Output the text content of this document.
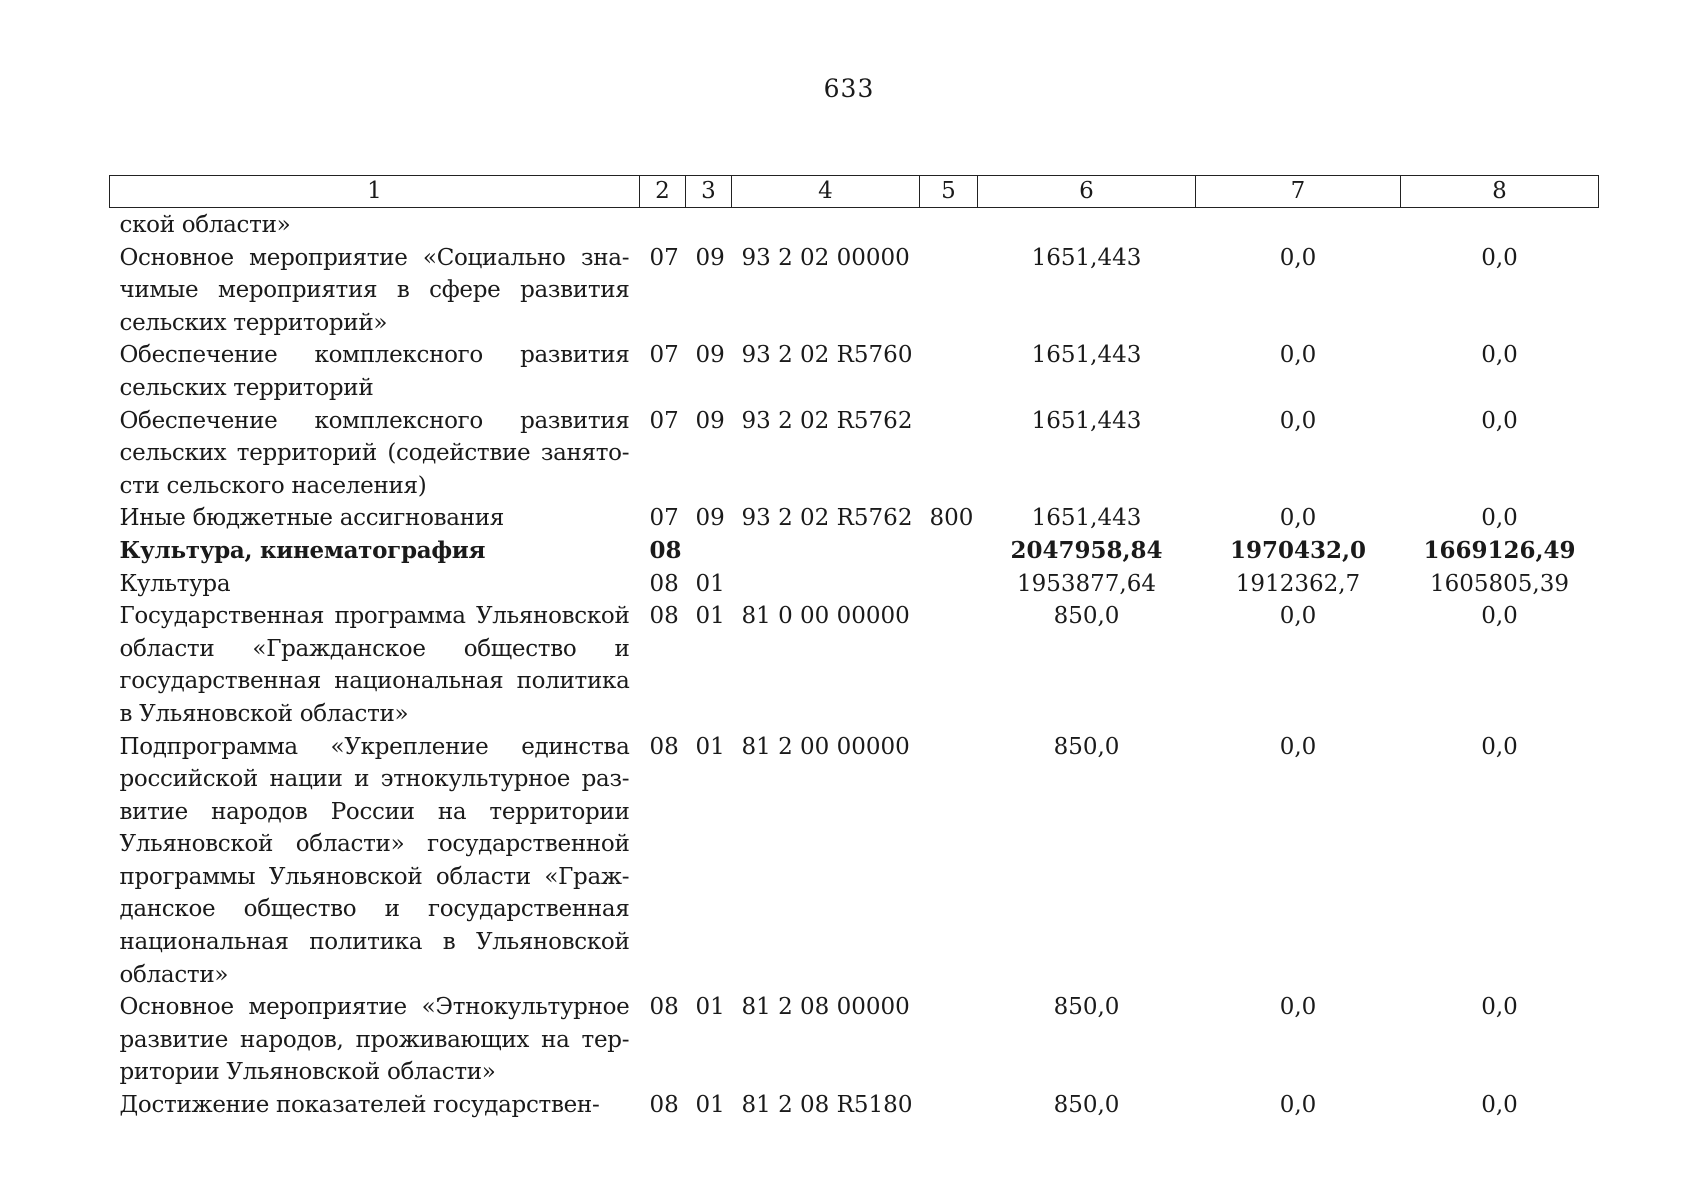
633
1	2	3	4	5	6	7	8
ской области»							
Основное мероприятие «Социально значимые мероприятия в сфере развития сельских территорий»	07	09	93 2 02 00000		1651,443	0,0	0,0
Обеспечение комплексного развития сельских территорий	07	09	93 2 02 R5760		1651,443	0,0	0,0
Обеспечение комплексного развития сельских территорий (содействие занятости сельского населения)	07	09	93 2 02 R5762		1651,443	0,0	0,0
Иные бюджетные ассигнования	07	09	93 2 02 R5762	800	1651,443	0,0	0,0
Культура, кинематография	08				2047958,84	1970432,0	1669126,49
Культура	08	01			1953877,64	1912362,7	1605805,39
Государственная программа Ульяновской области «Гражданское общество и государственная национальная политика в Ульяновской области»	08	01	81 0 00 00000		850,0	0,0	0,0
Подпрограмма «Укрепление единства российской нации и этнокультурное развитие народов России на территории Ульяновской области» государственной программы Ульяновской области «Гражданское общество и государственная национальная политика в Ульяновской области»	08	01	81 2 00 00000		850,0	0,0	0,0
Основное мероприятие «Этнокультурное развитие народов, проживающих на территории Ульяновской области»	08	01	81 2 08 00000		850,0	0,0	0,0
Достижение показателей государствен-	08	01	81 2 08 R5180		850,0	0,0	0,0
